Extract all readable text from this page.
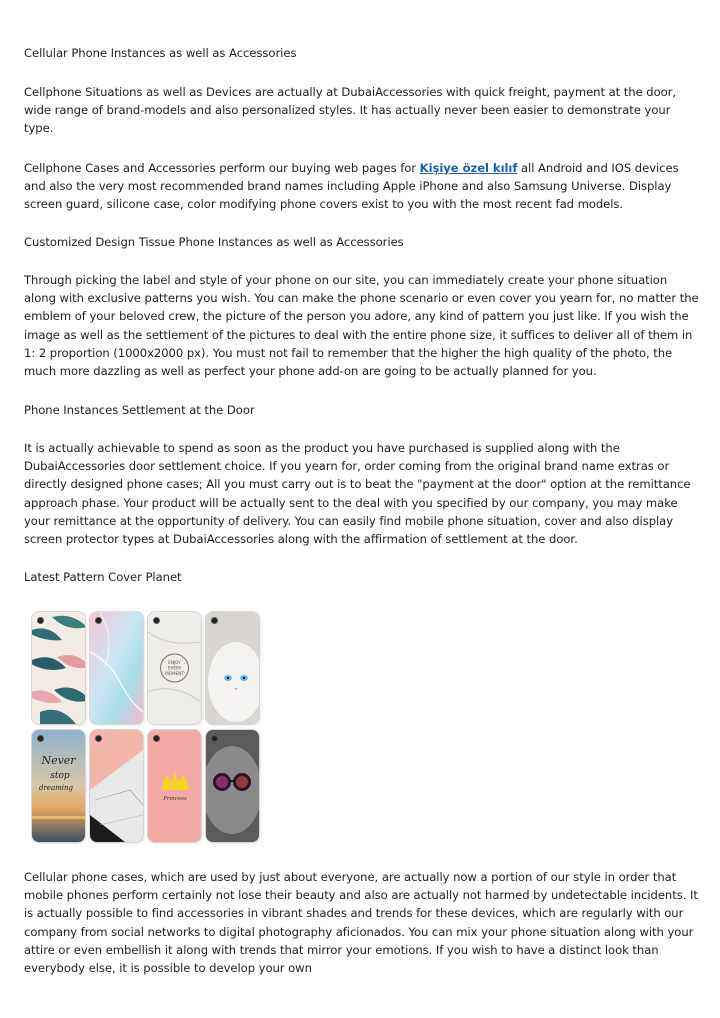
Cellular Phone Instances as well as Accessories

Cellphone Situations as well as Devices are actually at DubaiAccessories with quick freight, payment at the door, wide range of brand-models and also personalized styles. It has actually never been easier to demonstrate your type.

Cellphone Cases and Accessories perform our buying web pages for Kişiye özel kılıf all Android and IOS devices and also the very most recommended brand names including Apple iPhone and also Samsung Universe. Display screen guard, silicone case, color modifying phone covers exist to you with the most recent fad models.

Customized Design Tissue Phone Instances as well as Accessories

Through picking the label and style of your phone on our site, you can immediately create your phone situation along with exclusive patterns you wish. You can make the phone scenario or even cover you yearn for, no matter the emblem of your beloved crew, the picture of the person you adore, any kind of pattern you just like. If you wish the image as well as the settlement of the pictures to deal with the entire phone size, it suffices to deliver all of them in 1: 2 proportion (1000x2000 px). You must not fail to remember that the higher the high quality of the photo, the much more dazzling as well as perfect your phone add-on are going to be actually planned for you.

Phone Instances Settlement at the Door

It is actually achievable to spend as soon as the product you have purchased is supplied along with the DubaiAccessories door settlement choice. If you yearn for, order coming from the original brand name extras or directly designed phone cases; All you must carry out is to beat the "payment at the door" option at the remittance approach phase. Your product will be actually sent to the deal with you specified by our company, you may make your remittance at the opportunity of delivery. You can easily find mobile phone situation, cover and also display screen protector types at DubaiAccessories along with the affirmation of settlement at the door.

Latest Pattern Cover Planet

ENJOY
EVERY
MOMENT
Never
stop
dreaming
Princess

Cellular phone cases, which are used by just about everyone, are actually now a portion of our style in order that mobile phones perform certainly not lose their beauty and also are actually not harmed by undetectable incidents. It is actually possible to find accessories in vibrant shades and trends for these devices, which are regularly with our company from social networks to digital photography aficionados. You can mix your phone situation along with your attire or even embellish it along with trends that mirror your emotions. If you wish to have a distinct look than everybody else, it is possible to develop your own
